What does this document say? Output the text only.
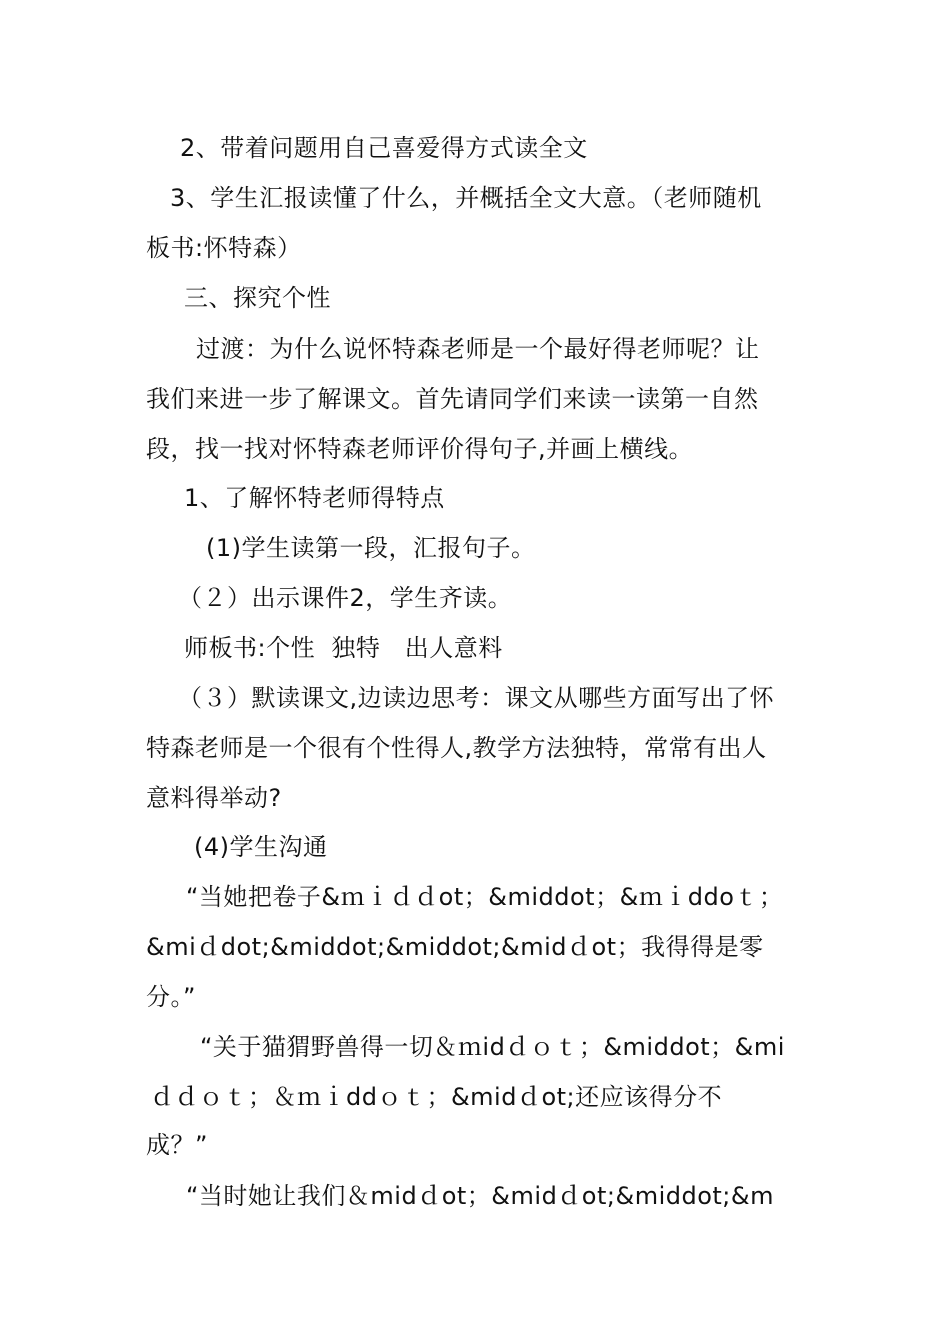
2、带着问题用自己喜爱得方式读全文
3、学生汇报读懂了什么，并概括全文大意。（老师随机
板书:怀特森）
三、探究个性
过渡：为什么说怀特森老师是一个最好得老师呢？让
我们来进一步了解课文。首先请同学们来读一读第一自然
段，找一找对怀特森老师评价得句子,并画上横线。
1、了解怀特老师得特点
(1)学生读第一段，汇报句子。
（２）出示课件2，学生齐读。
师板书:个性  独特   出人意料
（３）默读课文,边读边思考：课文从哪些方面写出了怀
特森老师是一个很有个性得人,教学方法独特，常常有出人
意料得举动?
(4)学生沟通
“当她把卷子&ｍｉｄｄot；&middot；&ｍｉddoｔ；
&miｄdot;&middot;&middot;&midｄot；我得得是零
分。”
“关于猫猬野兽得一切＆ｍidｄｏｔ；&middot；&mi
ｄｄｏｔ；＆ｍｉddｏｔ；&midｄot;还应该得分不
成？”
“当时她让我们＆midｄot；&midｄot;&middot;&m
